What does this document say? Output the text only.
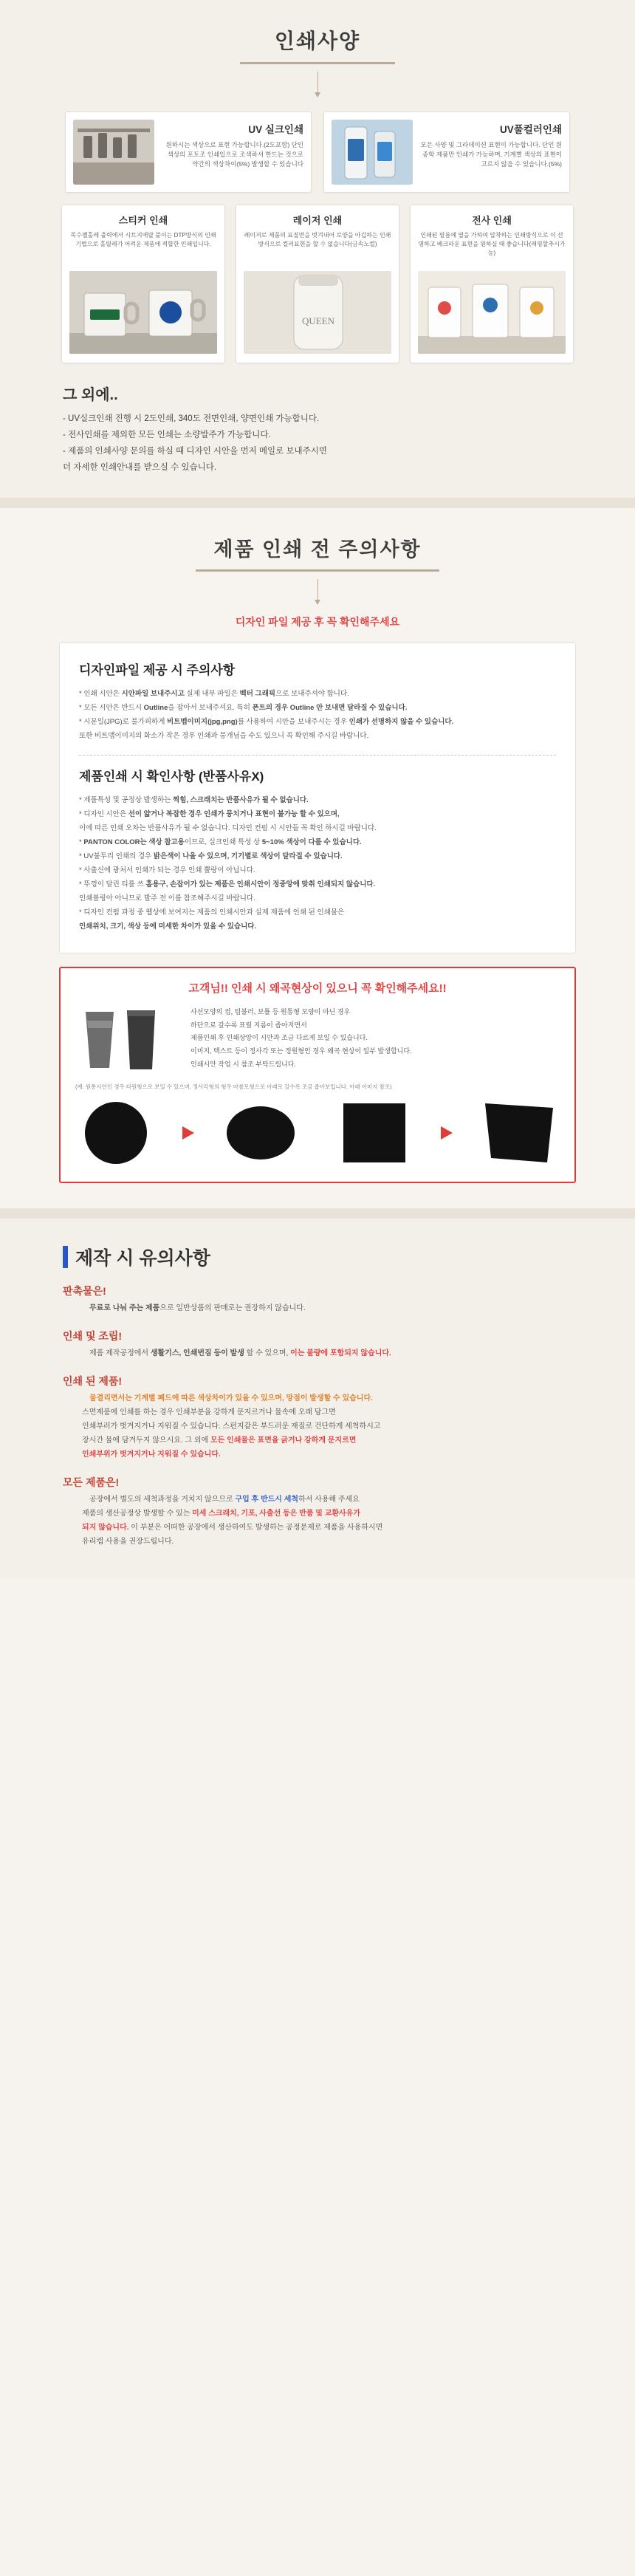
인쇄사양
UV 실크인쇄

원하시는 색상으로 표현 가능합니다.(2도포함) 단인 색상의 포토조 인쇄입으로 조색하셔 한드는 것으로 약간의 색상차이(5%) 발생할 수 있습니다

UV풀컬러인쇄

모든 사양 및 그라데이션 표현이 가능합니다. 단인 원종학 제품만 인쇄가 가능하며, 기계별 색상의 표현이 고르지 않을 수 있습니다.(5%)

스티커 인쇄

목수팰홀레 출력에서 시트지에랄 붙이는 DTP방식의 인쇄기법으로 홀릴레가 어려운 제품에 적합한 인쇄입니다.

레이저 인쇄

레이저로 제품의 표질면을 벗겨내어 로양을 아깁하는 인쇄방식으로 컬러표현을 할 수 없습니다(금속노컬)

QUEEN
전사 인쇄

인쇄된 필름에 열을 가하여 압착하는 인쇄방식으로 이 선명하고 베크라운 표현을 원하실 때 좋습니다(래핑할추시가능)

그 외에..
- UV실크인쇄 진행 시 2도인쇄, 340도 전면인쇄, 양면인쇄 가능합니다.
- 전사인쇄를 제외한 모든 인쇄는 소량발주가 가능합니다.
- 제품의 인쇄사양 문의를 하실 때 디자인 시안을 먼저 메일로 보내주시면
더 자세한 인쇄안내를 받으실 수 있습니다.
제품 인쇄 전 주의사항
디자인 파일 제공 후 꼭 확인해주세요
디자인파일 제공 시 주의사항
* 인쇄 시안은 시안파일 보내주시고 실제 내부 파일은 벡터 그래픽으로 보내주셔야 합니다.
* 모든 시안은 반드시 Outline을 잡아서 보내주셔요. 특히 폰트의 경우 Outline 안 보내면 달라질 수 있습니다.
* 시문일(JPG)로 불가피하게 비트맵이미지(jpg,png)를 사용하여 시안을 보내주시는 경우 인쇄가 선명하지 않을 수 있습니다.
또한 비트맵이미지의 화소가 작은 경우 인쇄과 뭉개님을 수도 있으니 꼭 확인해 주시길 바랍니다.
제품인쇄 시 확인사항 (반품사유X)
* 제품특성 및 공정상 발생하는 찍힘, 스크래치는 반품사유가 될 수 없습니다.
* 디자인 시안은 선이 얇거나 복잡한 경우 인쇄가 뭉치거나 표현이 불가능 할 수 있으며,
이에 따른 인쇄 오차는 반품사유가 될 수 없습니다. 디자인 컨펌 시 시안들 꼭 확인 하시길 바랍니다.
* PANTON COLOR는 색상 참고용이므로, 실크인쇄 특성 상 5~10% 색상이 다를 수 있습니다.
* UV불투리 인쇄의 경우 밝은색이 나올 수 있으며, 기기별로 색상이 달라질 수 있습니다.
* 사출신에 광처서 인쇄가 되는 경우 인쇄 뿔랑이 아닙니다.
* 뚜껑이 달린 티를 쓰 홈용구, 손잡이가 있는 제품은 인쇄시안이 정중앙에 맞취 인쇄되지 않습니다.
인쇄볼링아 아니므로 발주 전 이를 참조해주시길 바랍니다.
* 디자인 컨펌 과정 중 웹상에 보여지는 제품의 인쇄시안과 실제 제품에 인쇄 된 인쇄물은
인쇄위치, 크기, 색상 등에 미세한 차이가 있을 수 있습니다.
고객님!! 인쇄 시 왜곡현상이 있으니 꼭 확인해주세요!!

사선모양의 컵, 텀블러, 보틀 등 원통형 모양이 아닌 경우

하단으로 갈수록 표릴 지름이 좁아지면서

제품인쇄 후 인쇄상앙이 시안과 조금 다르게 보일 수 있습니다.

이미지, 텍스트 등이 정사각 또는 정원형인 경우 왜곡 현상이 일부 발생합니다.

인쇄시안 작업 시 참조 부탁드립니다.

(예: 원통시안인 경우 타원형으로 보일 수 있으며, 정사각형의 형우 마름모형으로 아래로 갈수록 조금 좁아보입니다. 아래 이미지 참조)
제작 시 유의사항
판촉물은!

무료로 나눠 주는 제품으로 일반상품의 판매로는 권장하지 않습니다.

인쇄 및 조립!

제품 제작공정에서 생활기스, 인쇄번짐 등이 발생 할 수 있으며, 이는 불량에 포함되지 않습니다.

인쇄 된 제품!

물결리면서는 기계별 폐드에 따른 색상차이가 있을 수 있으며, 망점이 발생할 수 있습니다.

스면제품에 인쇄를 하는 경우 인쇄부분을 강하게 문지르거나 물속에 오래 담그면

인쇄부러가 벗겨지거나 지워질 수 있습니다. 스펀지같은 부드러운 재질로 건단하게 세척하시고

장시간 물에 담겨두지 않으시요. 그 외에 모든 인쇄물은 표면을 긁거나 강하게 문지르면

인쇄부위가 벗겨지거나 지워질 수 있습니다.

모든 제품은!

공장에서 별도의 세척과정을 거치지 않으므로 구입 후 반드시 세척하셔 사용해 주세요

제품의 생산공정상 발생할 수 있는 미세 스크래치, 기포, 사출선 등은 반품 및 교환사유가

되지 않습니다. 이 부분은 어떠한 공장에서 생산하여도 발생하는 공정문제로 제품을 사용하시면

유리캡 사용을 권장드립니다.
